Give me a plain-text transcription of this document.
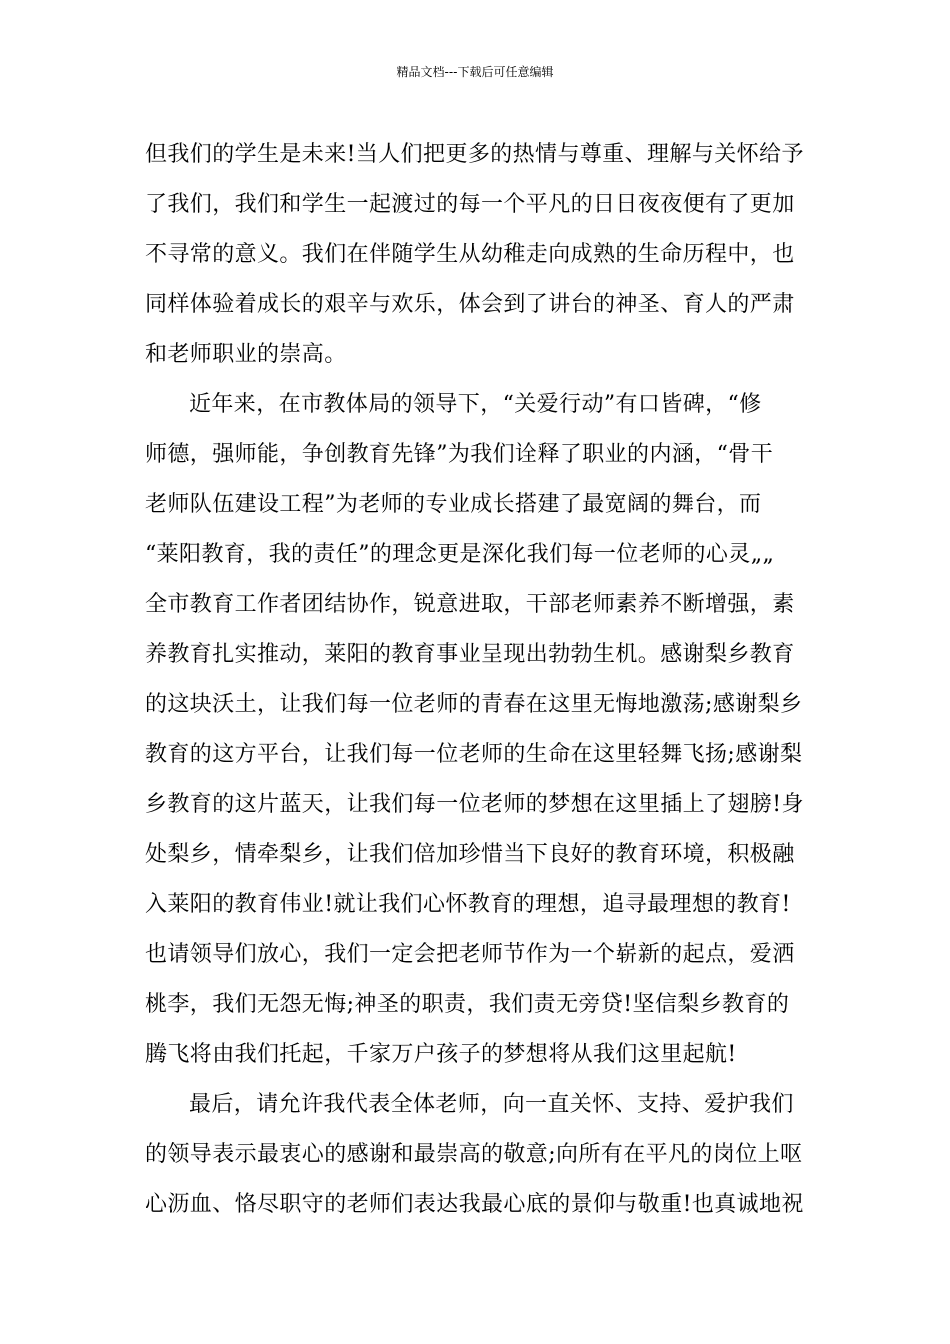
精品文档---下载后可任意编辑
但我们的学生是未来!当人们把更多的热情与尊重、理解与关怀给予
了我们，我们和学生一起渡过的每一个平凡的日日夜夜便有了更加
不寻常的意义。我们在伴随学生从幼稚走向成熟的生命历程中，也
同样体验着成长的艰辛与欢乐，体会到了讲台的神圣、育人的严肃
和老师职业的崇高。
近年来，在市教体局的领导下，“关爱行动”有口皆碑，“修
师德，强师能，争创教育先锋”为我们诠释了职业的内涵，“骨干
老师队伍建设工程”为老师的专业成长搭建了最宽阔的舞台，而
“莱阳教育，我的责任”的理念更是深化我们每一位老师的心灵„„
全市教育工作者团结协作，锐意进取，干部老师素养不断增强，素
养教育扎实推动，莱阳的教育事业呈现出勃勃生机。感谢梨乡教育
的这块沃土，让我们每一位老师的青春在这里无悔地激荡;感谢梨乡
教育的这方平台，让我们每一位老师的生命在这里轻舞飞扬;感谢梨
乡教育的这片蓝天，让我们每一位老师的梦想在这里插上了翅膀!身
处梨乡，情牵梨乡，让我们倍加珍惜当下良好的教育环境，积极融
入莱阳的教育伟业!就让我们心怀教育的理想，追寻最理想的教育!
也请领导们放心，我们一定会把老师节作为一个崭新的起点，爱洒
桃李，我们无怨无悔;神圣的职责，我们责无旁贷!坚信梨乡教育的
腾飞将由我们托起，千家万户孩子的梦想将从我们这里起航!
最后，请允许我代表全体老师，向一直关怀、支持、爱护我们
的领导表示最衷心的感谢和最崇高的敬意;向所有在平凡的岗位上呕
心沥血、恪尽职守的老师们表达我最心底的景仰与敬重!也真诚地祝
